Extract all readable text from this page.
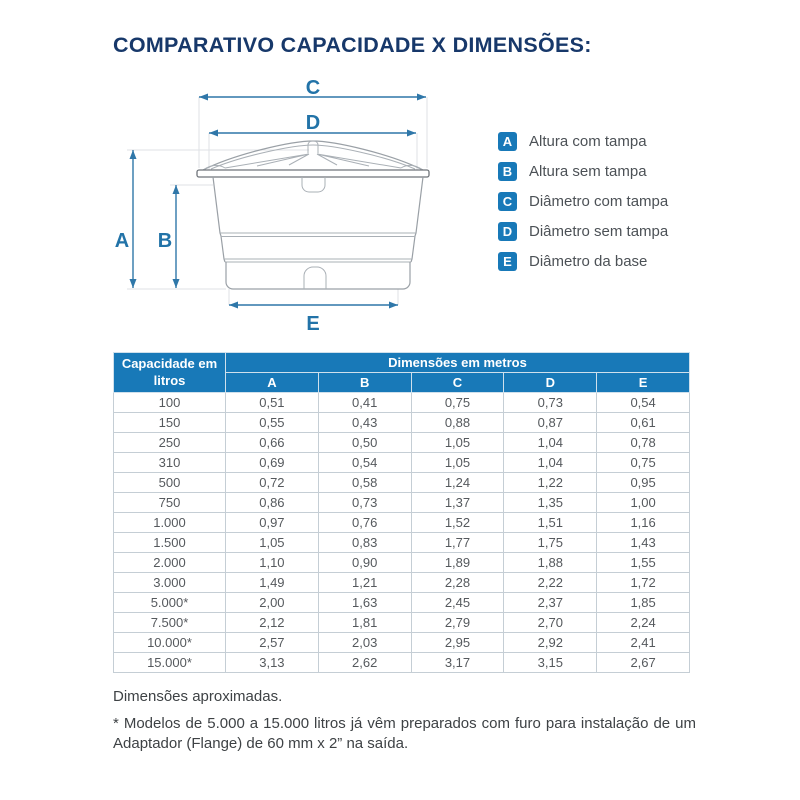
COMPARATIVO CAPACIDADE X DIMENSÕES:
A B
C
D
E
A	Altura com tampa
B	Altura sem tampa
C	Diâmetro com tampa
D	Diâmetro sem tampa
E	Diâmetro da base
Capacidade em litros	Dimensões em metros				
	A	B	C	D	E
100	0,51	0,41	0,75	0,73	0,54
150	0,55	0,43	0,88	0,87	0,61
250	0,66	0,50	1,05	1,04	0,78
310	0,69	0,54	1,05	1,04	0,75
500	0,72	0,58	1,24	1,22	0,95
750	0,86	0,73	1,37	1,35	1,00
1.000	0,97	0,76	1,52	1,51	1,16
1.500	1,05	0,83	1,77	1,75	1,43
2.000	1,10	0,90	1,89	1,88	1,55
3.000	1,49	1,21	2,28	2,22	1,72
5.000*	2,00	1,63	2,45	2,37	1,85
7.500*	2,12	1,81	2,79	2,70	2,24
10.000*	2,57	2,03	2,95	2,92	2,41
15.000*	3,13	2,62	3,17	3,15	2,67

Dimensões aproximadas.

* Modelos de 5.000 a 15.000 litros já vêm preparados com furo para instalação de um Adaptador (Flange) de 60 mm x 2” na saída.
